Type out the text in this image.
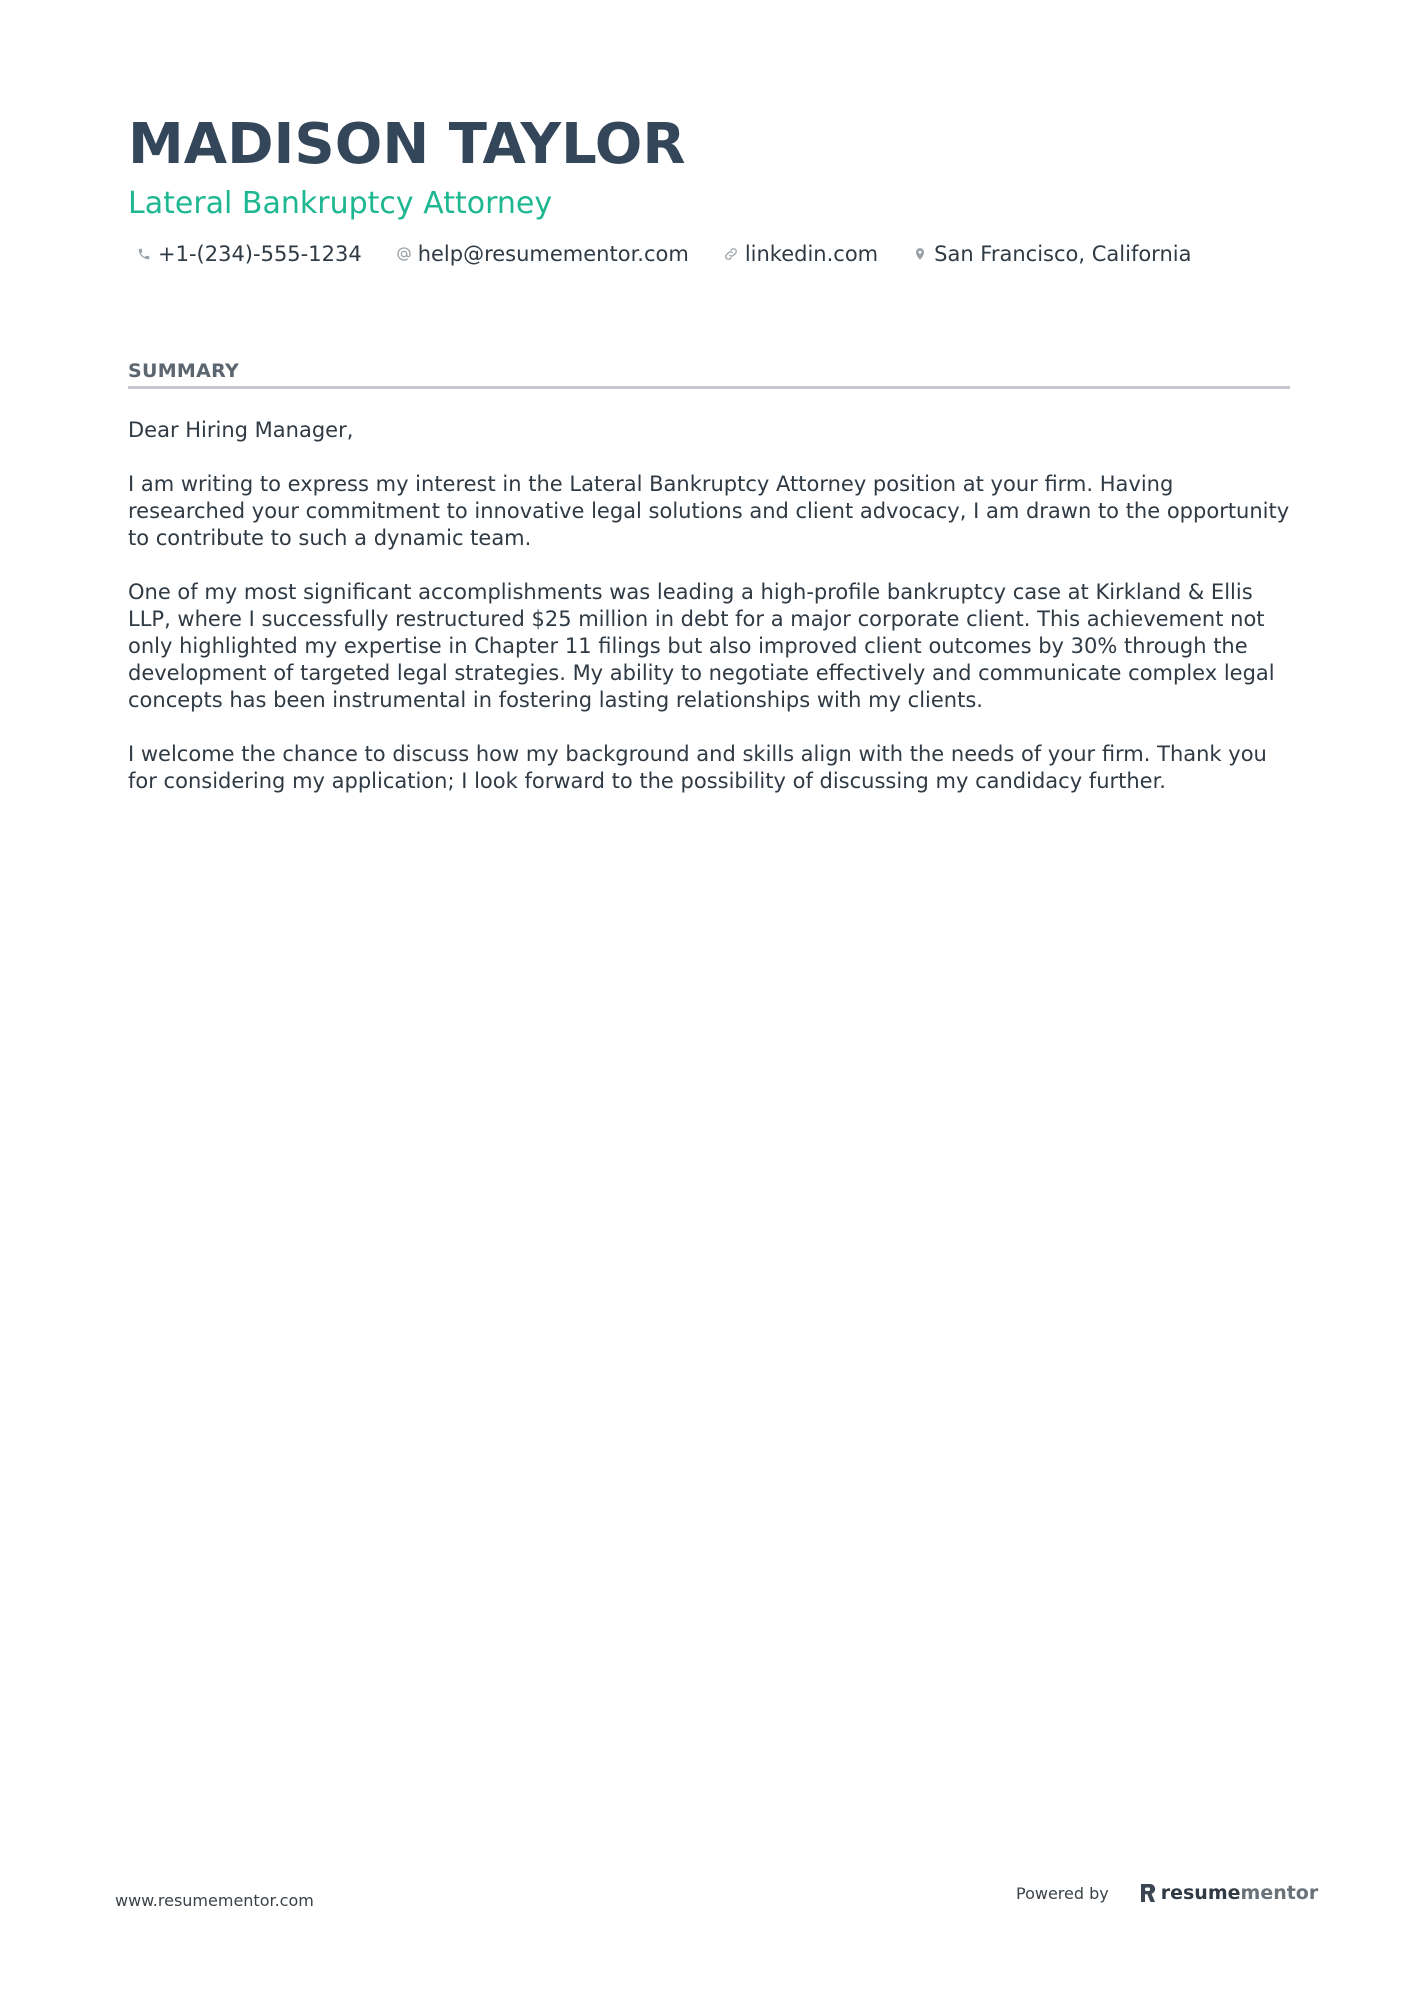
MADISON TAYLOR
Lateral Bankruptcy Attorney
+1-(234)-555-1234	help@resumementor.com	linkedin.com	San Francisco, California
SUMMARY

Dear Hiring Manager,

I am writing to express my interest in the Lateral Bankruptcy Attorney position at your firm. Having researched your commitment to innovative legal solutions and client advocacy, I am drawn to the opportunity to contribute to such a dynamic team.

One of my most significant accomplishments was leading a high-profile bankruptcy case at Kirkland & Ellis LLP, where I successfully restructured $25 million in debt for a major corporate client. This achievement not only highlighted my expertise in Chapter 11 filings but also improved client outcomes by 30% through the development of targeted legal strategies. My ability to negotiate effectively and communicate complex legal concepts has been instrumental in fostering lasting relationships with my clients.

I welcome the chance to discuss how my background and skills align with the needs of your firm. Thank you for considering my application; I look forward to the possibility of discussing my candidacy further.

www.resumementor.com	Powered by	resume mentor
